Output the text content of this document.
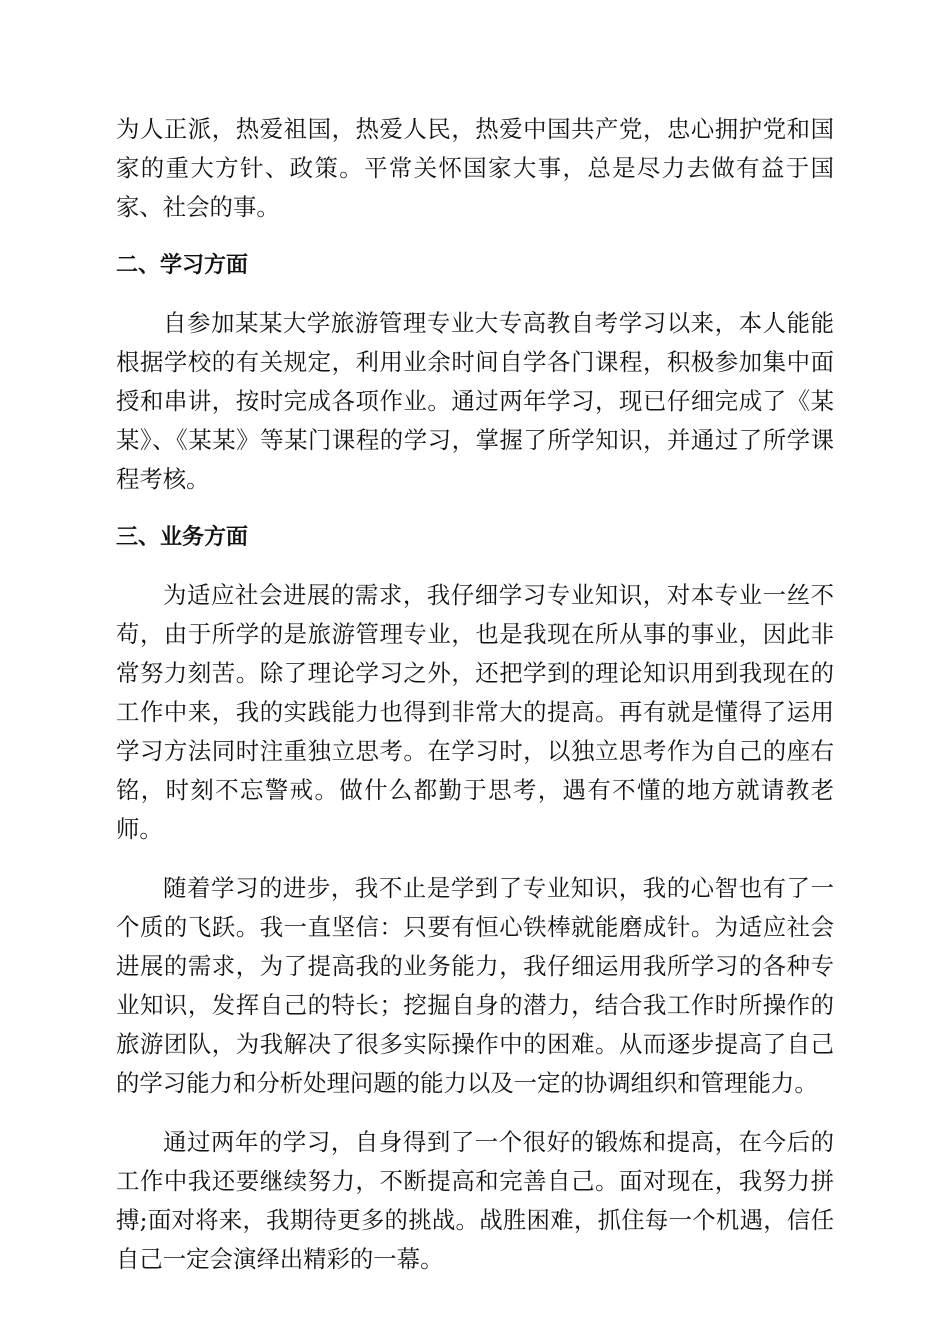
为人正派，热爱祖国，热爱人民，热爱中国共产党，忠心拥护党和国家的重大方针、政策。平常关怀国家大事，总是尽力去做有益于国家、社会的事。

二、学习方面

自参加某某大学旅游管理专业大专高教自考学习以来，本人能能根据学校的有关规定，利用业余时间自学各门课程，积极参加集中面授和串讲，按时完成各项作业。通过两年学习，现已仔细完成了《某某》、《某某》等某门课程的学习，掌握了所学知识，并通过了所学课程考核。

三、业务方面

为适应社会进展的需求，我仔细学习专业知识，对本专业一丝不苟，由于所学的是旅游管理专业，也是我现在所从事的事业，因此非常努力刻苦。除了理论学习之外，还把学到的理论知识用到我现在的工作中来，我的实践能力也得到非常大的提高。再有就是懂得了运用学习方法同时注重独立思考。在学习时，以独立思考作为自己的座右铭，时刻不忘警戒。做什么都勤于思考，遇有不懂的地方就请教老师。

随着学习的进步，我不止是学到了专业知识，我的心智也有了一个质的飞跃。我一直坚信：只要有恒心铁棒就能磨成针。为适应社会进展的需求，为了提高我的业务能力，我仔细运用我所学习的各种专业知识，发挥自己的特长；挖掘自身的潜力，结合我工作时所操作的旅游团队，为我解决了很多实际操作中的困难。从而逐步提高了自己的学习能力和分析处理问题的能力以及一定的协调组织和管理能力。

通过两年的学习，自身得到了一个很好的锻炼和提高，在今后的工作中我还要继续努力，不断提高和完善自己。面对现在，我努力拼搏;面对将来，我期待更多的挑战。战胜困难，抓住每一个机遇，信任自己一定会演绎出精彩的一幕。
